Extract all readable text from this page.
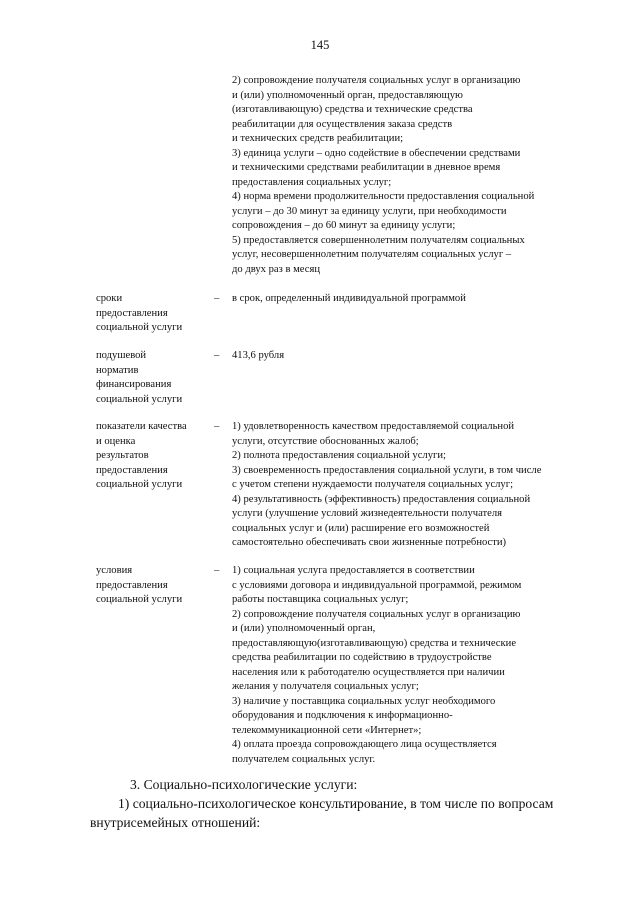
145
2) сопровождение получателя социальных услуг в организацию
и (или) уполномоченный орган, предоставляющую
(изготавливающую) средства и технические средства
реабилитации для осуществления заказа средств
и технических средств реабилитации;
3) единица услуги – одно содействие в обеспечении средствами
и техническими средствами реабилитации в дневное время
предоставления социальных услуг;
4) норма времени продолжительности предоставления социальной
услуги – до 30 минут за единицу услуги, при необходимости
сопровождения – до 60 минут за единицу услуги;
5) предоставляется совершеннолетним получателям социальных
услуг, несовершеннолетним получателям социальных услуг –
до двух раз в месяц
сроки
предоставления
социальной услуги
–	в срок, определенный индивидуальной программой
подушевой
норматив
финансирования
социальной услуги
–	413,6 рубля
показатели качества
и оценка
результатов
предоставления
социальной услуги
–	1) удовлетворенность качеством предоставляемой социальной
услуги, отсутствие обоснованных жалоб;
2) полнота предоставления социальной услуги;
3) своевременность предоставления социальной услуги, в том числе
с учетом степени нуждаемости получателя социальных услуг;
4) результативность (эффективность) предоставления социальной
услуги (улучшение условий жизнедеятельности получателя
социальных услуг и (или) расширение его возможностей
самостоятельно обеспечивать свои жизненные потребности)
условия
предоставления
социальной услуги
–	1) социальная услуга предоставляется в соответствии
с условиями договора и индивидуальной программой, режимом
работы поставщика социальных услуг;
2) сопровождение получателя социальных услуг в организацию
и (или) уполномоченный орган,
предоставляющую(изготавливающую) средства и технические
средства реабилитации по содействию в трудоустройстве
населения или к работодателю осуществляется при наличии
желания у получателя социальных услуг;
3) наличие у поставщика социальных услуг необходимого
оборудования и подключения к информационно-
телекоммуникационной сети «Интернет»;
4) оплата проезда сопровождающего лица осуществляется
получателем социальных услуг.
3. Социально-психологические услуги:
1) социально-психологическое консультирование, в том числе по вопросам
внутрисемейных отношений:
